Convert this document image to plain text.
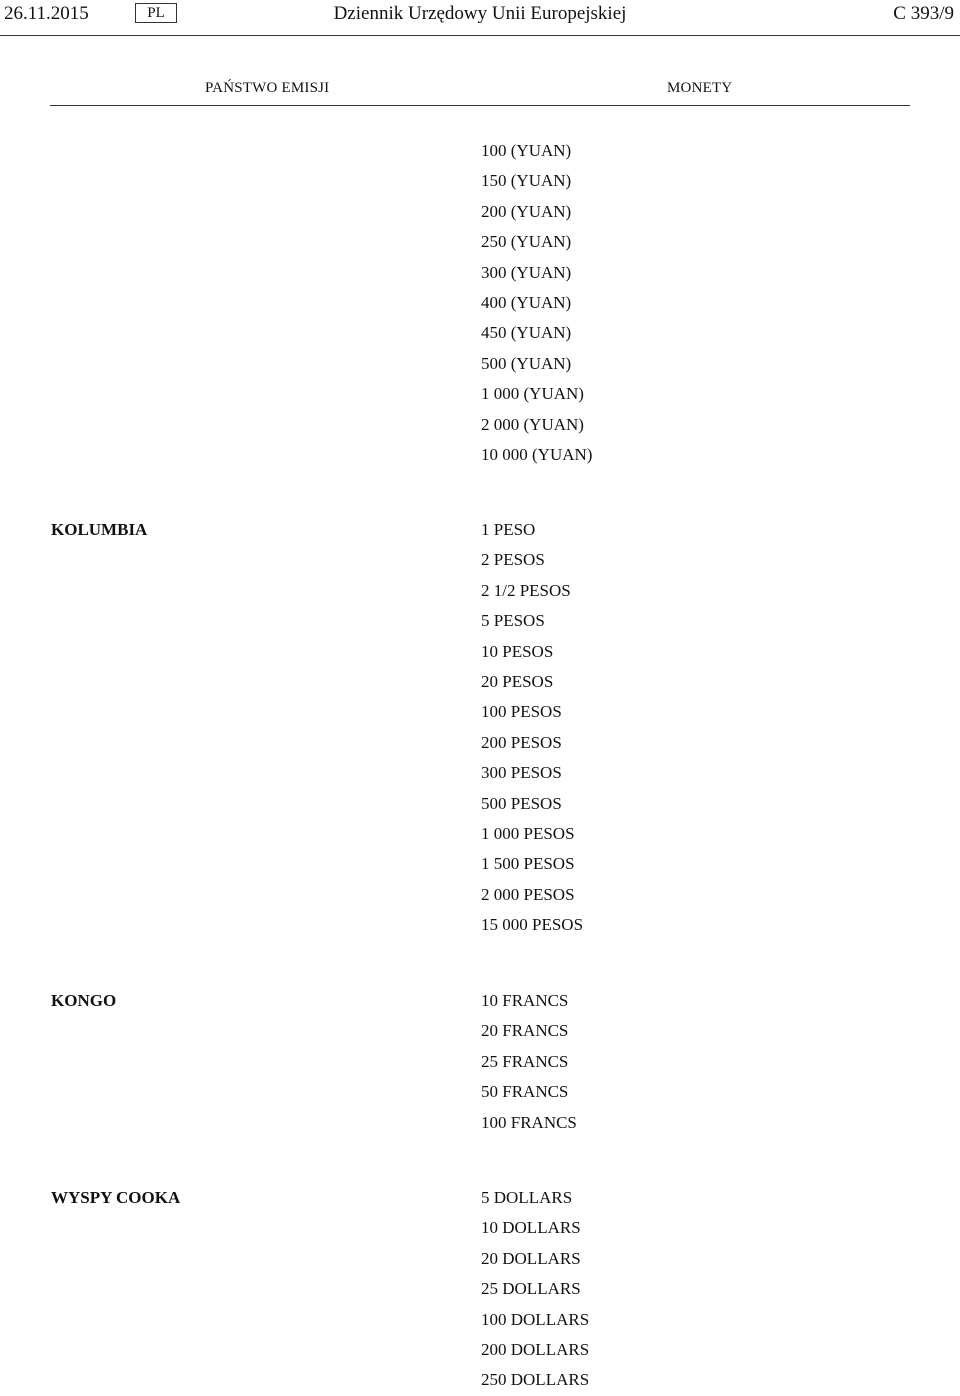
26.11.2015	PL	Dziennik Urzędowy Unii Europejskiej	C 393/9
PAŃSTWO EMISJI	MONETY
100 (YUAN)
150 (YUAN)
200 (YUAN)
250 (YUAN)
300 (YUAN)
400 (YUAN)
450 (YUAN)
500 (YUAN)
1 000 (YUAN)
2 000 (YUAN)
10 000 (YUAN)
KOLUMBIA	1 PESO
2 PESOS
2 1/2 PESOS
5 PESOS
10 PESOS
20 PESOS
100 PESOS
200 PESOS
300 PESOS
500 PESOS
1 000 PESOS
1 500 PESOS
2 000 PESOS
15 000 PESOS
KONGO	10 FRANCS
20 FRANCS
25 FRANCS
50 FRANCS
100 FRANCS
WYSPY COOKA	5 DOLLARS
10 DOLLARS
20 DOLLARS
25 DOLLARS
100 DOLLARS
200 DOLLARS
250 DOLLARS
